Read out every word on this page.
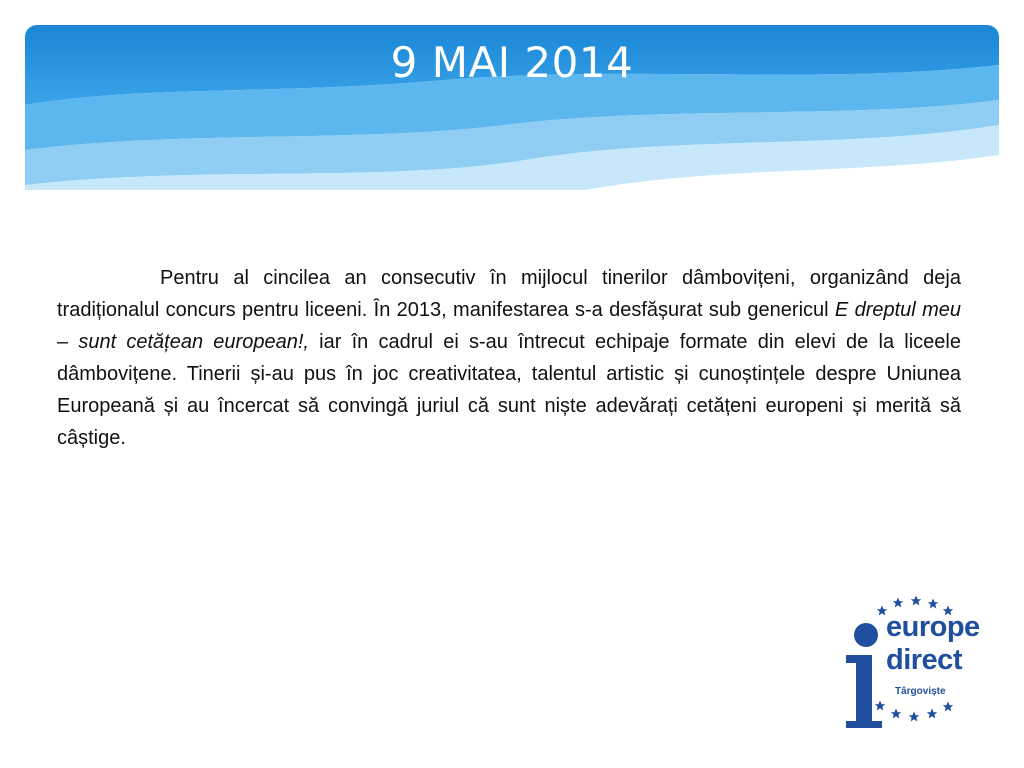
9 MAI 2014

Pentru al cincilea an consecutiv în mijlocul tinerilor dâmbovițeni, organizând deja tradiționalul concurs pentru liceeni. În 2013, manifestarea s-a desfășurat sub genericul E dreptul meu – sunt cetățean european!, iar în cadrul ei s-au întrecut echipaje formate din elevi de la liceele dâmbovițene. Tinerii și-au pus în joc creativitatea, talentul artistic și cunoștințele despre Uniunea Europeană și au încercat să convingă juriul că sunt niște adevărați cetățeni europeni și merită să câștige.

europe
direct
Târgoviște
